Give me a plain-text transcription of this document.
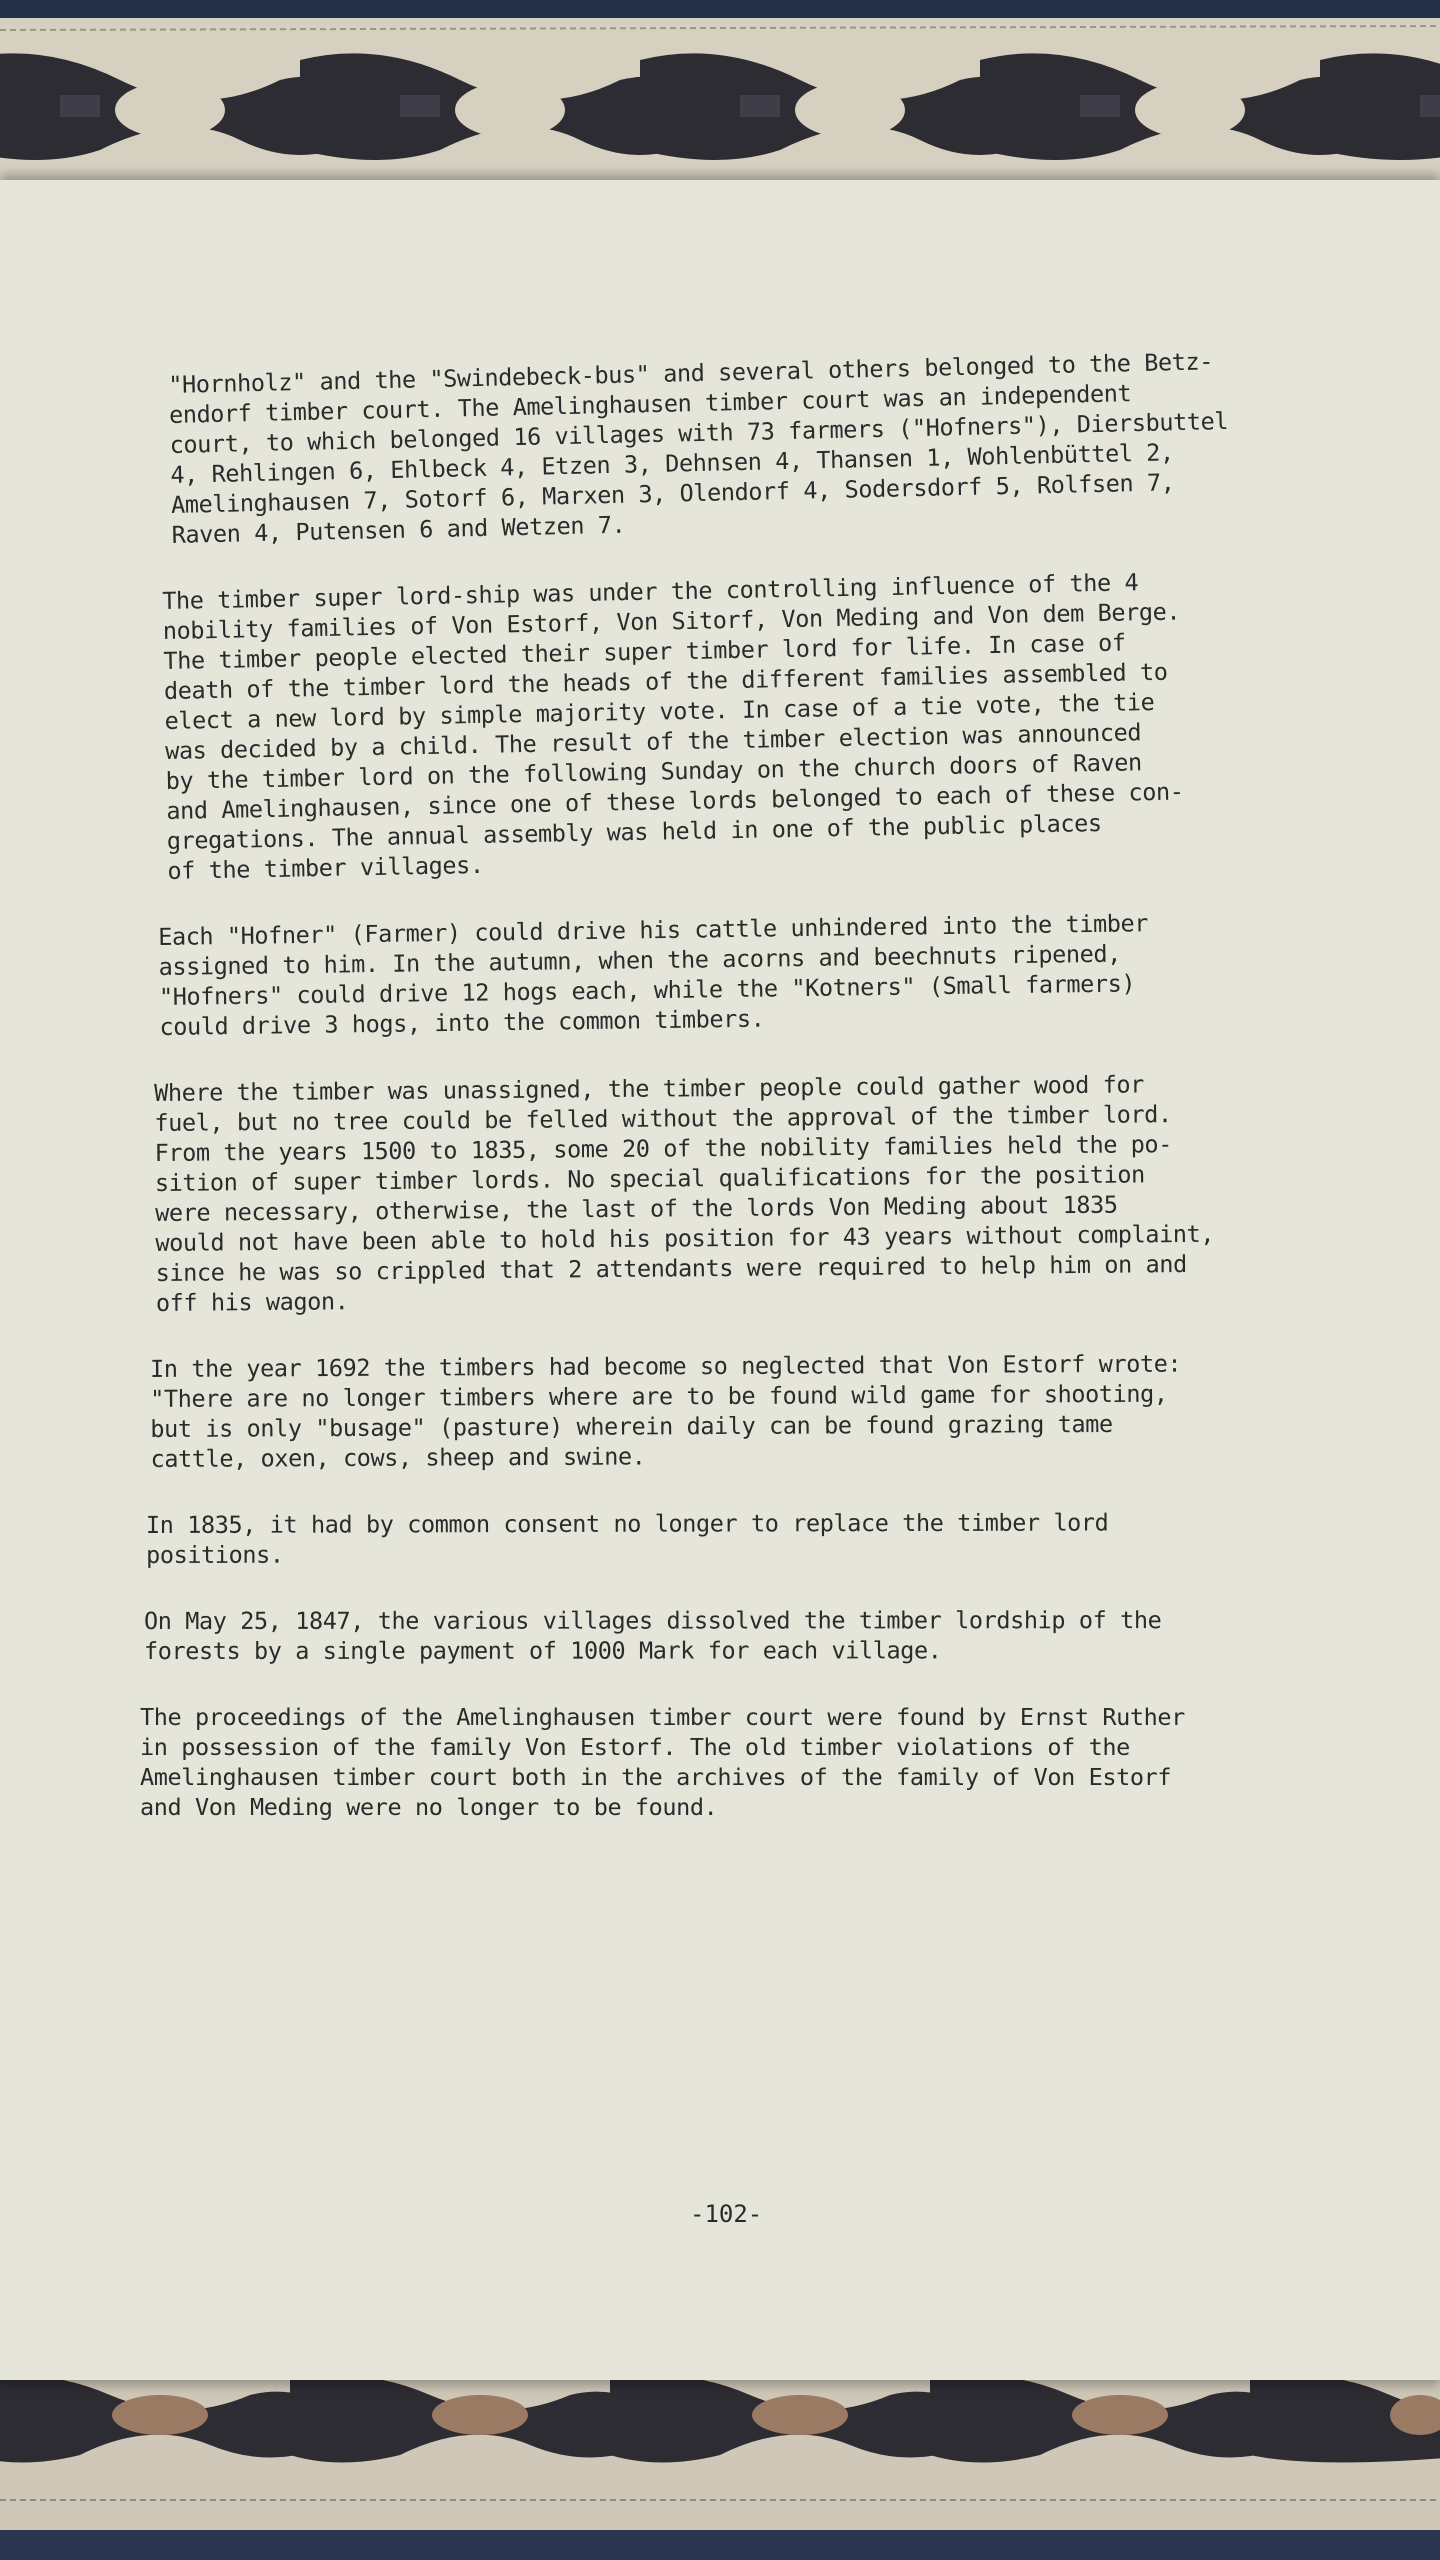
"Hornholz" and the "Swindebeck-bus" and several others belonged to the Betz-
endorf timber court. The Amelinghausen timber court was an independent
court, to which belonged 16 villages with 73 farmers ("Hofners"), Diersbuttel
4, Rehlingen 6, Ehlbeck 4, Etzen 3, Dehnsen 4, Thansen 1, Wohlenbüttel 2,
Amelinghausen 7, Sotorf 6, Marxen 3, Olendorf 4, Sodersdorf 5, Rolfsen 7,
Raven 4, Putensen 6 and Wetzen 7.

The timber super lord-ship was under the controlling influence of the 4
nobility families of Von Estorf, Von Sitorf, Von Meding and Von dem Berge.
The timber people elected their super timber lord for life. In case of
death of the timber lord the heads of the different families assembled to
elect a new lord by simple majority vote. In case of a tie vote, the tie
was decided by a child. The result of the timber election was announced
by the timber lord on the following Sunday on the church doors of Raven
and Amelinghausen, since one of these lords belonged to each of these con-
gregations. The annual assembly was held in one of the public places
of the timber villages.

Each "Hofner" (Farmer) could drive his cattle unhindered into the timber
assigned to him. In the autumn, when the acorns and beechnuts ripened,
"Hofners" could drive 12 hogs each, while the "Kotners" (Small farmers)
could drive 3 hogs, into the common timbers.

Where the timber was unassigned, the timber people could gather wood for
fuel, but no tree could be felled without the approval of the timber lord.
From the years 1500 to 1835, some 20 of the nobility families held the po-
sition of super timber lords. No special qualifications for the position
were necessary, otherwise, the last of the lords Von Meding about 1835
would not have been able to hold his position for 43 years without complaint,
since he was so crippled that 2 attendants were required to help him on and
off his wagon.

In the year 1692 the timbers had become so neglected that Von Estorf wrote:
"There are no longer timbers where are to be found wild game for shooting,
but is only "busage" (pasture) wherein daily can be found grazing tame
cattle, oxen, cows, sheep and swine.

In 1835, it had by common consent no longer to replace the timber lord
positions.

On May 25, 1847, the various villages dissolved the timber lordship of the
forests by a single payment of 1000 Mark for each village.

The proceedings of the Amelinghausen timber court were found by Ernst Ruther
in possession of the family Von Estorf. The old timber violations of the
Amelinghausen timber court both in the archives of the family of Von Estorf
and Von Meding were no longer to be found.

-102-
